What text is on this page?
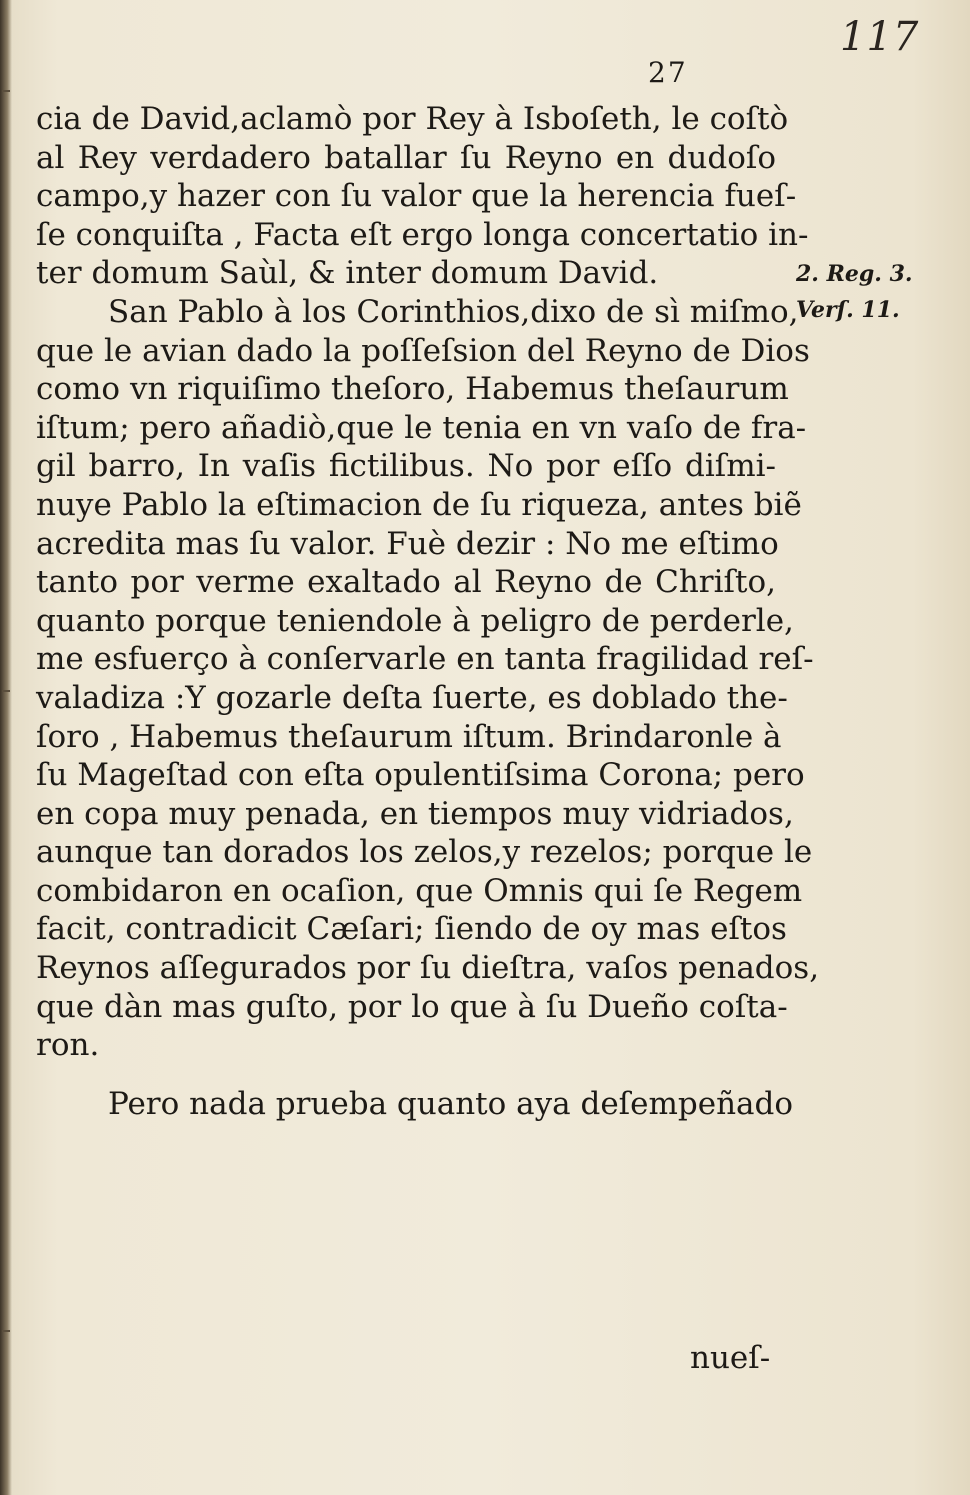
117
27
cia de David,aclamò por Rey à Isboſeth, le coſtò
al Rey verdadero batallar ſu Reyno en dudoſo
campo,y hazer con ſu valor que la herencia fueſ-
ſe conquiſta , Facta eſt ergo longa concertatio in-
ter domum Saùl, & inter domum David.
San Pablo à los Corinthios,dixo de sì miſmo,
que le avian dado la poſſeſsion del Reyno de Dios
como vn riquiſimo theſoro, Habemus theſaurum
iſtum; pero añadiò,que le tenia en vn vaſo de fra-
gil barro, In vaſis fictilibus. No por eſſo diſmi-
nuye Pablo la eſtimacion de ſu riqueza, antes biẽ
acredita mas ſu valor. Fuè dezir : No me eſtimo
tanto por verme exaltado al Reyno de Chriſto,
quanto porque teniendole à peligro de perderle,
me esfuerço à conſervarle en tanta fragilidad reſ-
valadiza :Y gozarle deſta ſuerte, es doblado the-
ſoro , Habemus theſaurum iſtum. Brindaronle à
ſu Mageſtad con eſta opulentiſsima Corona; pero
en copa muy penada, en tiempos muy vidriados,
aunque tan dorados los zelos,y rezelos; porque le
combidaron en ocaſion, que Omnis qui ſe Regem
facit, contradicit Cæſari; ſiendo de oy mas eſtos
Reynos aſſegurados por ſu dieſtra, vaſos penados,
que dàn mas guſto, por lo que à ſu Dueño coſta-
ron.
Pero nada prueba quanto aya deſempeñado
2. Reg. 3.
Verſ. 11.
nueſ-
